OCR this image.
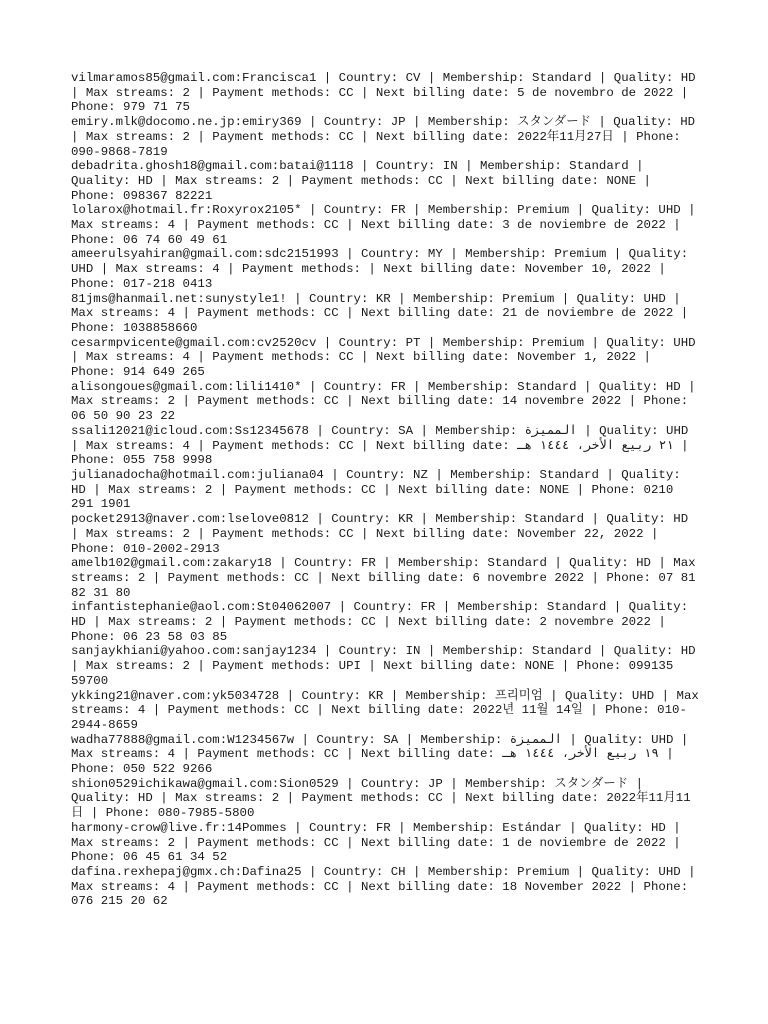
vilmaramos85@gmail.com:Francisca1 | Country: CV | Membership: Standard | Quality: HD | Max streams: 2 | Payment methods: CC | Next billing date: 5 de novembro de 2022 | Phone: 979 71 75

emiry.mlk@docomo.ne.jp:emiry369 | Country: JP | Membership: スタンダード | Quality: HD | Max streams: 2 | Payment methods: CC | Next billing date: 2022年11月27日 | Phone: 090-9868-7819

debadrita.ghosh18@gmail.com:batai@1118 | Country: IN | Membership: Standard | Quality: HD | Max streams: 2 | Payment methods: CC | Next billing date: NONE | Phone: 098367 82221

lolarox@hotmail.fr:Roxyrox2105* | Country: FR | Membership: Premium | Quality: UHD | Max streams: 4 | Payment methods: CC | Next billing date: 3 de noviembre de 2022 | Phone: 06 74 60 49 61

ameerulsyahiran@gmail.com:sdc2151993 | Country: MY | Membership: Premium | Quality: UHD | Max streams: 4 | Payment methods: | Next billing date: November 10, 2022 | Phone: 017-218 0413

81jms@hanmail.net:sunystyle1! | Country: KR | Membership: Premium | Quality: UHD | Max streams: 4 | Payment methods: CC | Next billing date: 21 de noviembre de 2022 | Phone: 1038858660

cesarmpvicente@gmail.com:cv2520cv | Country: PT | Membership: Premium | Quality: UHD | Max streams: 4 | Payment methods: CC | Next billing date: November 1, 2022 | Phone: 914 649 265

alisongoues@gmail.com:lili1410* | Country: FR | Membership: Standard | Quality: HD | Max streams: 2 | Payment methods: CC | Next billing date: 14 novembre 2022 | Phone: 06 50 90 23 22

ssali12021@icloud.com:Ss12345678 | Country: SA | Membership: المميزة | Quality: UHD | Max streams: 4 | Payment methods: CC | Next billing date: ٢١ ربيع الأخر، ١٤٤٤ هـ | Phone: 055 758 9998

julianadocha@hotmail.com:juliana04 | Country: NZ | Membership: Standard | Quality: HD | Max streams: 2 | Payment methods: CC | Next billing date: NONE | Phone: 0210 291 1901

pocket2913@naver.com:lselove0812 | Country: KR | Membership: Standard | Quality: HD | Max streams: 2 | Payment methods: CC | Next billing date: November 22, 2022 | Phone: 010-2002-2913

amelb102@gmail.com:zakary18 | Country: FR | Membership: Standard | Quality: HD | Max streams: 2 | Payment methods: CC | Next billing date: 6 novembre 2022 | Phone: 07 81 82 31 80

infantistephanie@aol.com:St04062007 | Country: FR | Membership: Standard | Quality: HD | Max streams: 2 | Payment methods: CC | Next billing date: 2 novembre 2022 | Phone: 06 23 58 03 85

sanjaykhiani@yahoo.com:sanjay1234 | Country: IN | Membership: Standard | Quality: HD | Max streams: 2 | Payment methods: UPI | Next billing date: NONE | Phone: 099135 59700

ykking21@naver.com:yk5034728 | Country: KR | Membership: 프리미엄 | Quality: UHD | Max streams: 4 | Payment methods: CC | Next billing date: 2022년 11월 14일 | Phone: 010-2944-8659

wadha77888@gmail.com:W1234567w | Country: SA | Membership: المميزة | Quality: UHD | Max streams: 4 | Payment methods: CC | Next billing date: ١٩ ربيع الأخر، ١٤٤٤ هـ | Phone: 050 522 9266

shion0529ichikawa@gmail.com:Sion0529 | Country: JP | Membership: スタンダード | Quality: HD | Max streams: 2 | Payment methods: CC | Next billing date: 2022年11月11日 | Phone: 080-7985-5800

harmony-crow@live.fr:14Pommes | Country: FR | Membership: Estándar | Quality: HD | Max streams: 2 | Payment methods: CC | Next billing date: 1 de noviembre de 2022 | Phone: 06 45 61 34 52

dafina.rexhepaj@gmx.ch:Dafina25 | Country: CH | Membership: Premium | Quality: UHD | Max streams: 4 | Payment methods: CC | Next billing date: 18 November 2022 | Phone: 076 215 20 62
